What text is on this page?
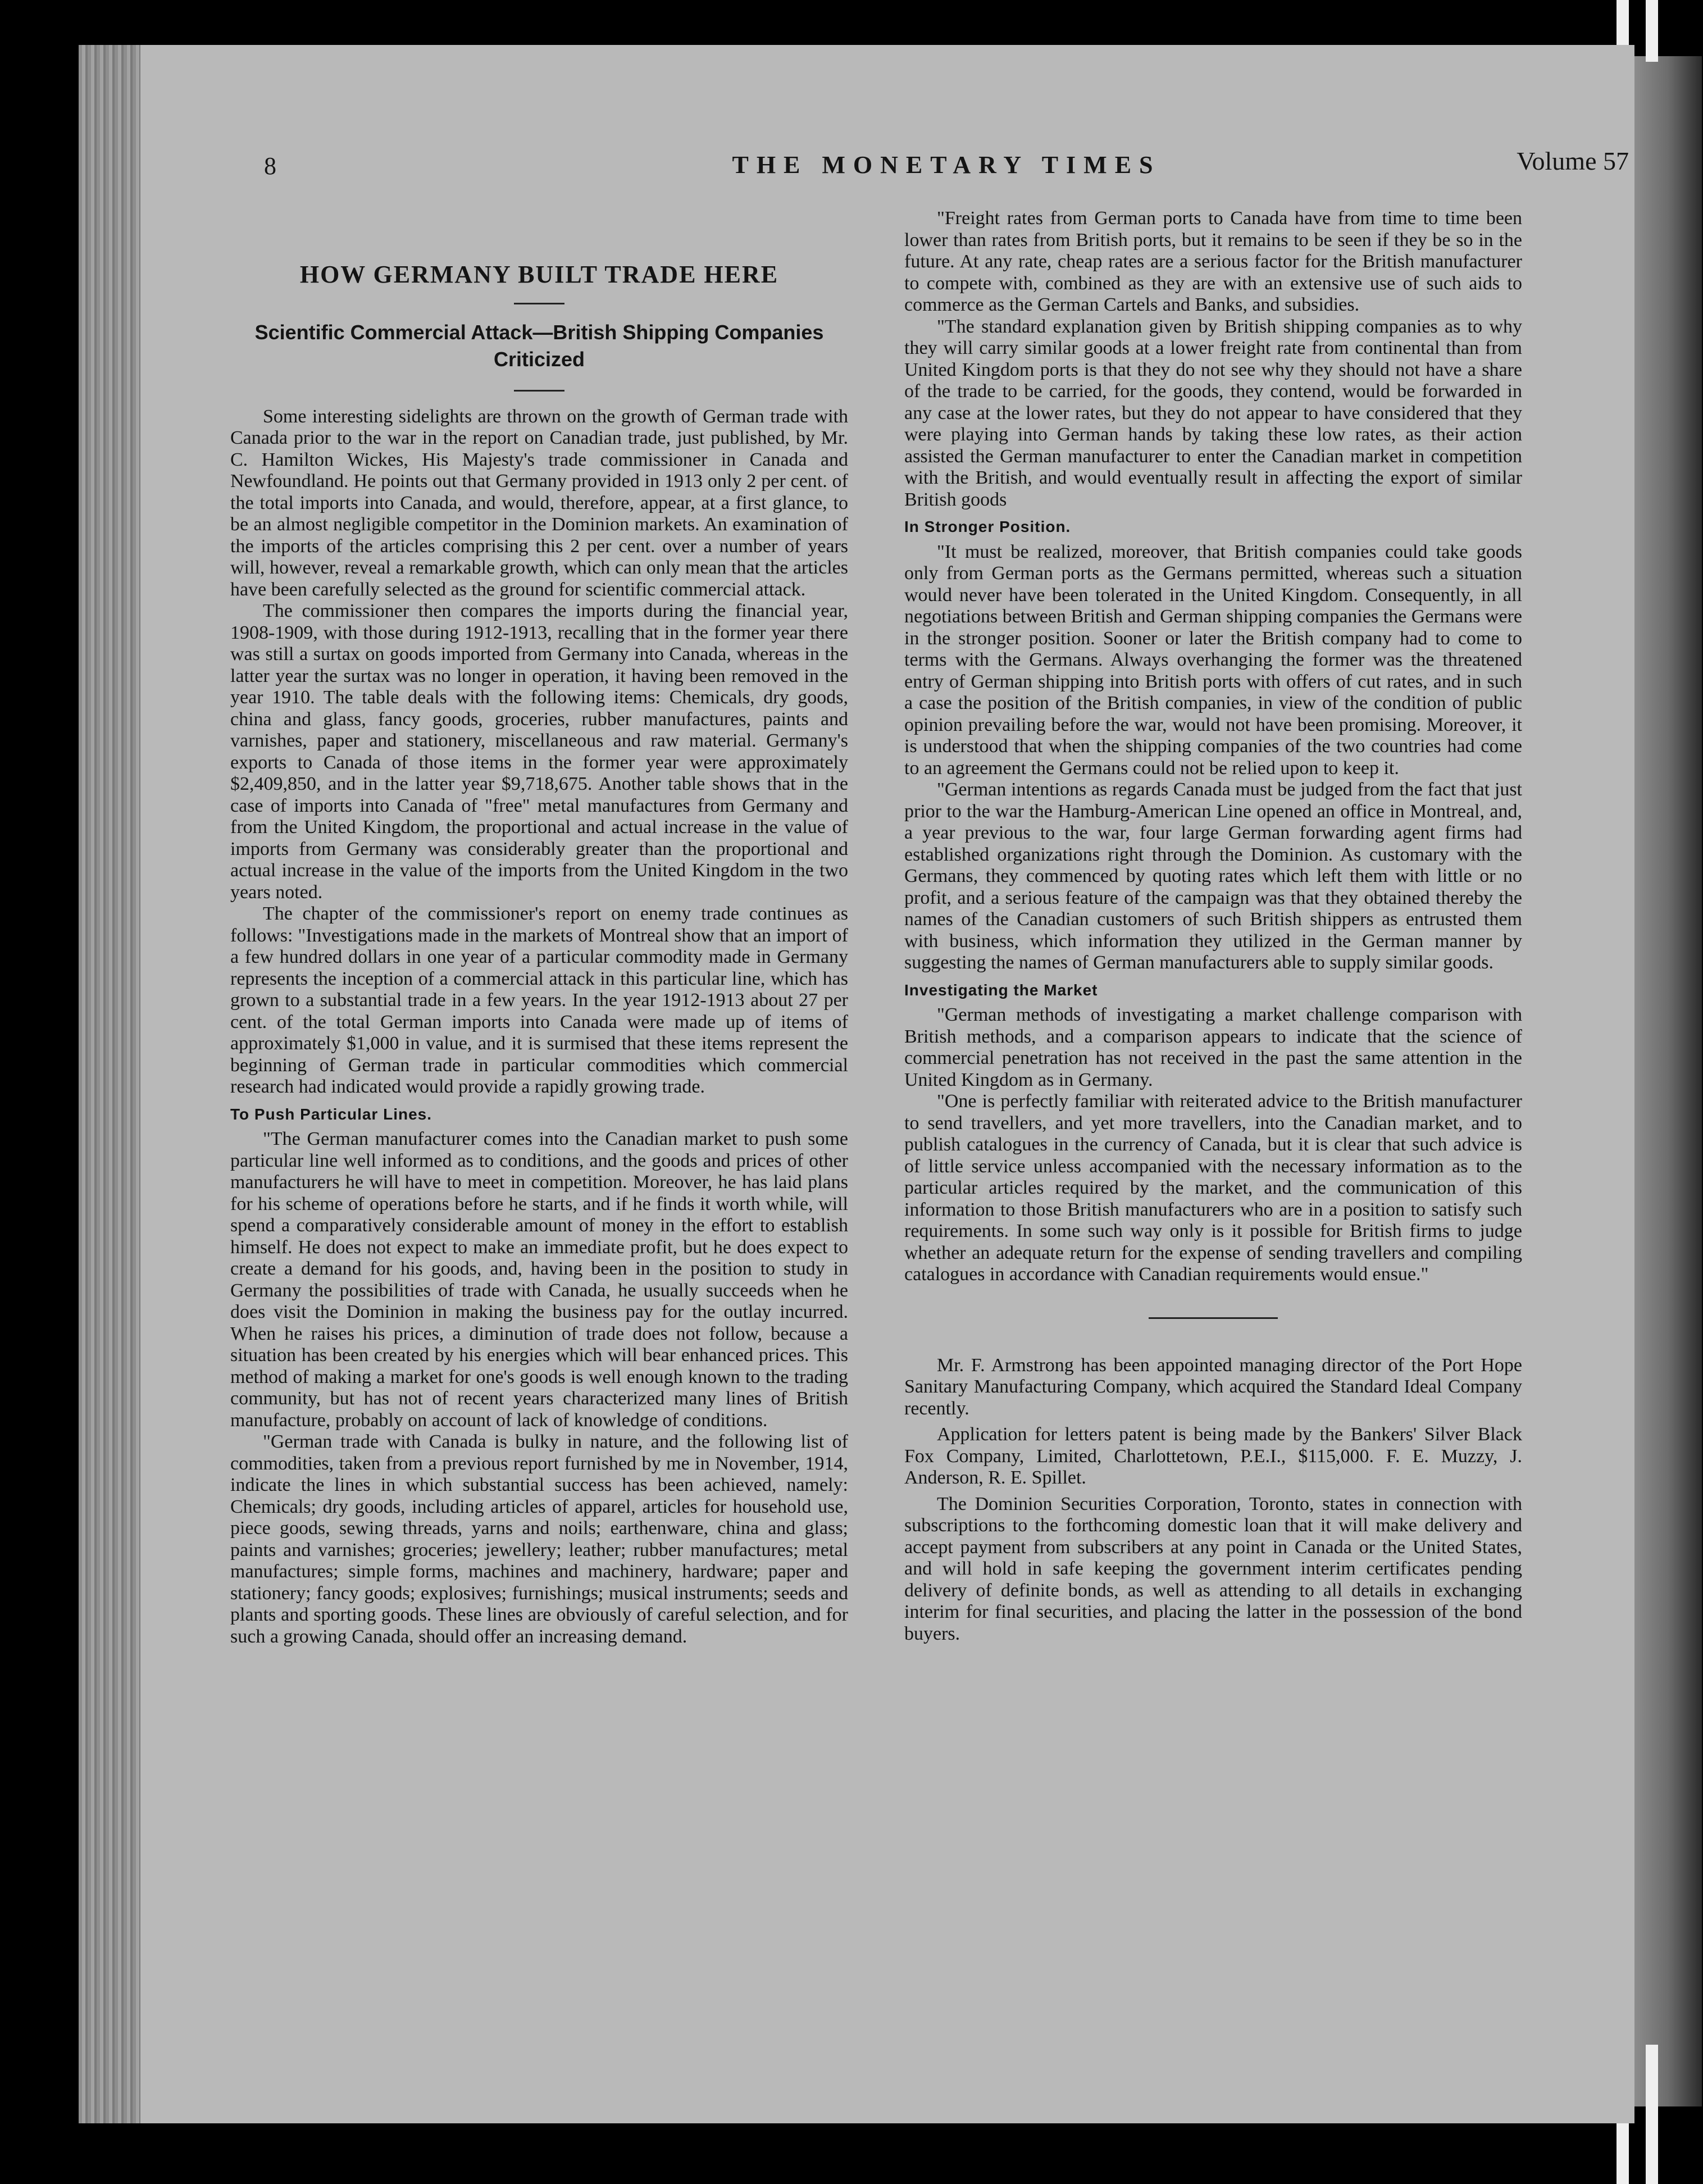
8	THE MONETARY TIMES	Volume 57
HOW GERMANY BUILT TRADE HERE
Scientific Commercial Attack—British Shipping Companies Criticized

Some interesting sidelights are thrown on the growth of German trade with Canada prior to the war in the report on Canadian trade, just published, by Mr. C. Hamilton Wickes, His Majesty's trade commissioner in Canada and Newfoundland. He points out that Germany provided in 1913 only 2 per cent. of the total imports into Canada, and would, therefore, appear, at a first glance, to be an almost negligible competitor in the Dominion markets. An examination of the imports of the articles comprising this 2 per cent. over a number of years will, however, reveal a remarkable growth, which can only mean that the articles have been carefully selected as the ground for scientific commercial attack.

The commissioner then compares the imports during the financial year, 1908-1909, with those during 1912-1913, recalling that in the former year there was still a surtax on goods imported from Germany into Canada, whereas in the latter year the surtax was no longer in operation, it having been removed in the year 1910. The table deals with the following items: Chemicals, dry goods, china and glass, fancy goods, groceries, rubber manufactures, paints and varnishes, paper and stationery, miscellaneous and raw material. Germany's exports to Canada of those items in the former year were approximately $2,409,850, and in the latter year $9,718,675. Another table shows that in the case of imports into Canada of "free" metal manufactures from Germany and from the United Kingdom, the proportional and actual increase in the value of imports from Germany was considerably greater than the proportional and actual increase in the value of the imports from the United Kingdom in the two years noted.

The chapter of the commissioner's report on enemy trade continues as follows: "Investigations made in the markets of Montreal show that an import of a few hundred dollars in one year of a particular commodity made in Germany represents the inception of a commercial attack in this particular line, which has grown to a substantial trade in a few years. In the year 1912-1913 about 27 per cent. of the total German imports into Canada were made up of items of approximately $1,000 in value, and it is surmised that these items represent the beginning of German trade in particular commodities which commercial research had indicated would provide a rapidly growing trade.

To Push Particular Lines.

"The German manufacturer comes into the Canadian market to push some particular line well informed as to conditions, and the goods and prices of other manufacturers he will have to meet in competition. Moreover, he has laid plans for his scheme of operations before he starts, and if he finds it worth while, will spend a comparatively considerable amount of money in the effort to establish himself. He does not expect to make an immediate profit, but he does expect to create a demand for his goods, and, having been in the position to study in Germany the possibilities of trade with Canada, he usually succeeds when he does visit the Dominion in making the business pay for the outlay incurred. When he raises his prices, a diminution of trade does not follow, because a situation has been created by his energies which will bear enhanced prices. This method of making a market for one's goods is well enough known to the trading community, but has not of recent years characterized many lines of British manufacture, probably on account of lack of knowledge of conditions.

"German trade with Canada is bulky in nature, and the following list of commodities, taken from a previous report furnished by me in November, 1914, indicate the lines in which substantial success has been achieved, namely: Chemicals; dry goods, including articles of apparel, articles for household use, piece goods, sewing threads, yarns and noils; earthenware, china and glass; paints and varnishes; groceries; jewellery; leather; rubber manufactures; metal manufactures; simple forms, machines and machinery, hardware; paper and stationery; fancy goods; explosives; furnishings; musical instruments; seeds and plants and sporting goods. These lines are obviously of careful selection, and for such a growing Canada, should offer an increasing demand.

"Freight rates from German ports to Canada have from time to time been lower than rates from British ports, but it remains to be seen if they be so in the future. At any rate, cheap rates are a serious factor for the British manufacturer to compete with, combined as they are with an extensive use of such aids to commerce as the German Cartels and Banks, and subsidies.

"The standard explanation given by British shipping companies as to why they will carry similar goods at a lower freight rate from continental than from United Kingdom ports is that they do not see why they should not have a share of the trade to be carried, for the goods, they contend, would be forwarded in any case at the lower rates, but they do not appear to have considered that they were playing into German hands by taking these low rates, as their action assisted the German manufacturer to enter the Canadian market in competition with the British, and would eventually result in affecting the export of similar British goods

In Stronger Position.

"It must be realized, moreover, that British companies could take goods only from German ports as the Germans permitted, whereas such a situation would never have been tolerated in the United Kingdom. Consequently, in all negotiations between British and German shipping companies the Germans were in the stronger position. Sooner or later the British company had to come to terms with the Germans. Always overhanging the former was the threatened entry of German shipping into British ports with offers of cut rates, and in such a case the position of the British companies, in view of the condition of public opinion prevailing before the war, would not have been promising. Moreover, it is understood that when the shipping companies of the two countries had come to an agreement the Germans could not be relied upon to keep it.

"German intentions as regards Canada must be judged from the fact that just prior to the war the Hamburg-American Line opened an office in Montreal, and, a year previous to the war, four large German forwarding agent firms had established organizations right through the Dominion. As customary with the Germans, they commenced by quoting rates which left them with little or no profit, and a serious feature of the campaign was that they obtained thereby the names of the Canadian customers of such British shippers as entrusted them with business, which information they utilized in the German manner by suggesting the names of German manufacturers able to supply similar goods.

Investigating the Market

"German methods of investigating a market challenge comparison with British methods, and a comparison appears to indicate that the science of commercial penetration has not received in the past the same attention in the United Kingdom as in Germany.

"One is perfectly familiar with reiterated advice to the British manufacturer to send travellers, and yet more travellers, into the Canadian market, and to publish catalogues in the currency of Canada, but it is clear that such advice is of little service unless accompanied with the necessary information as to the particular articles required by the market, and the communication of this information to those British manufacturers who are in a position to satisfy such requirements. In some such way only is it possible for British firms to judge whether an adequate return for the expense of sending travellers and compiling catalogues in accordance with Canadian requirements would ensue."

Mr. F. Armstrong has been appointed managing director of the Port Hope Sanitary Manufacturing Company, which acquired the Standard Ideal Company recently.

Application for letters patent is being made by the Bankers' Silver Black Fox Company, Limited, Charlottetown, P.E.I., $115,000. F. E. Muzzy, J. Anderson, R. E. Spillet.

The Dominion Securities Corporation, Toronto, states in connection with subscriptions to the forthcoming domestic loan that it will make delivery and accept payment from subscribers at any point in Canada or the United States, and will hold in safe keeping the government interim certificates pending delivery of definite bonds, as well as attending to all details in exchanging interim for final securities, and placing the latter in the possession of the bond buyers.
